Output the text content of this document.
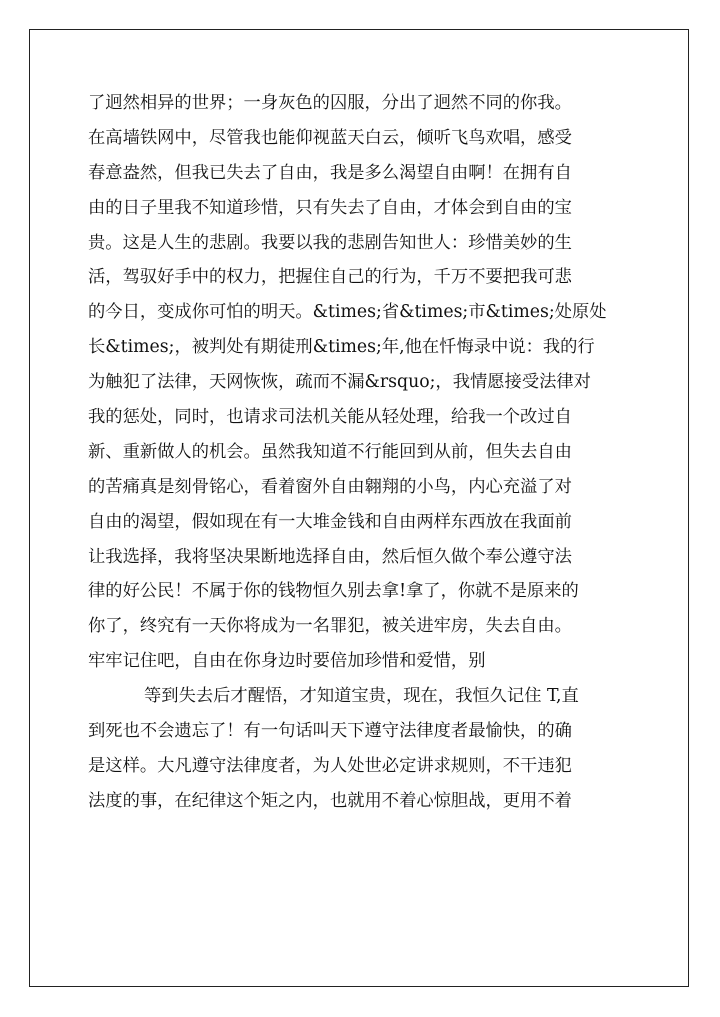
了迥然相异的世界；一身灰色的囚服，分出了迥然不同的你我。
在高墙铁网中，尽管我也能仰视蓝天白云，倾听飞鸟欢唱，感受
春意盎然，但我已失去了自由，我是多么渴望自由啊！在拥有自
由的日子里我不知道珍惜，只有失去了自由，才体会到自由的宝
贵。这是人生的悲剧。我要以我的悲剧告知世人：珍惜美妙的生
活，驾驭好手中的权力，把握住自己的行为，千万不要把我可悲
的今日，变成你可怕的明天。&times;省&times;市&times;处原处
长&times;，被判处有期徒刑&times;年,他在忏悔录中说：我的行
为触犯了法律，天网恢恢，疏而不漏&rsquo;，我情愿接受法律对
我的惩处，同时，也请求司法机关能从轻处理，给我一个改过自
新、重新做人的机会。虽然我知道不行能回到从前，但失去自由
的苦痛真是刻骨铭心，看着窗外自由翱翔的小鸟，内心充溢了对
自由的渴望，假如现在有一大堆金钱和自由两样东西放在我面前
让我选择，我将坚决果断地选择自由，然后恒久做个奉公遵守法
律的好公民！不属于你的钱物恒久别去拿!拿了，你就不是原来的
你了，终究有一天你将成为一名罪犯，被关进牢房，失去自由。
牢牢记住吧，自由在你身边时要倍加珍惜和爱惜，别
等到失去后才醒悟，才知道宝贵，现在，我恒久记住 T,直
到死也不会遗忘了！有一句话叫天下遵守法律度者最愉快，的确
是这样。大凡遵守法律度者，为人处世必定讲求规则，不干违犯
法度的事，在纪律这个矩之内，也就用不着心惊胆战，更用不着
